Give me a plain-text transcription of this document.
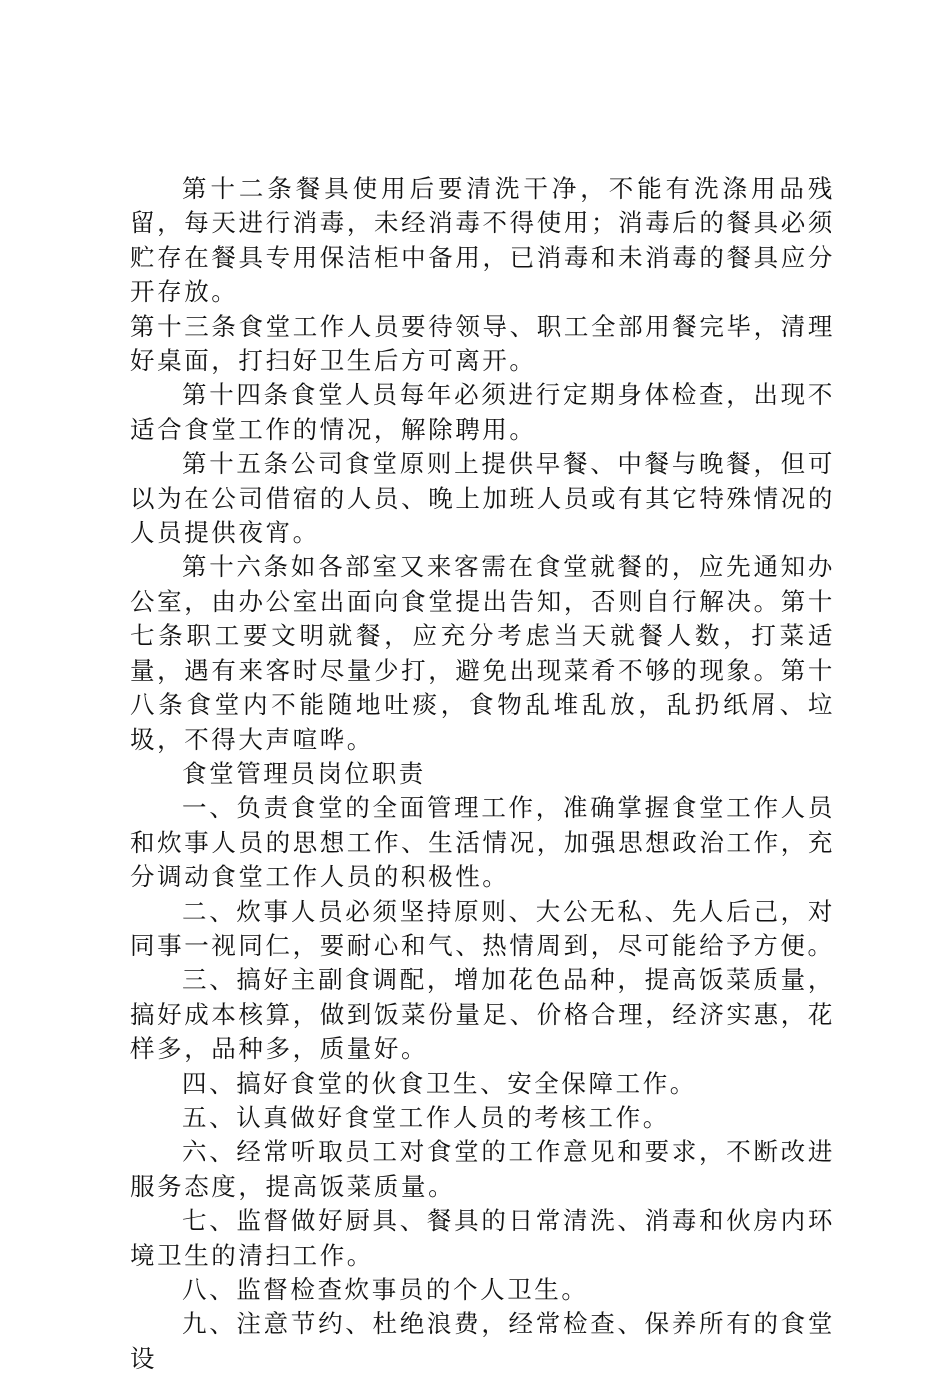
第十二条餐具使用后要清洗干净，不能有洗涤用品残留，每天进行消毒，未经消毒不得使用；消毒后的餐具必须贮存在餐具专用保洁柜中备用，已消毒和未消毒的餐具应分开存放。

第十三条食堂工作人员要待领导、职工全部用餐完毕，清理好桌面，打扫好卫生后方可离开。

第十四条食堂人员每年必须进行定期身体检查，出现不适合食堂工作的情况，解除聘用。

第十五条公司食堂原则上提供早餐、中餐与晚餐，但可以为在公司借宿的人员、晚上加班人员或有其它特殊情况的人员提供夜宵。

第十六条如各部室又来客需在食堂就餐的，应先通知办公室，由办公室出面向食堂提出告知，否则自行解决。第十七条职工要文明就餐，应充分考虑当天就餐人数，打菜适量，遇有来客时尽量少打，避免出现菜肴不够的现象。第十八条食堂内不能随地吐痰，食物乱堆乱放，乱扔纸屑、垃圾，不得大声喧哗。

食堂管理员岗位职责

一、负责食堂的全面管理工作，准确掌握食堂工作人员和炊事人员的思想工作、生活情况，加强思想政治工作，充分调动食堂工作人员的积极性。

二、炊事人员必须坚持原则、大公无私、先人后己，对同事一视同仁，要耐心和气、热情周到，尽可能给予方便。

三、搞好主副食调配，增加花色品种，提高饭菜质量，搞好成本核算，做到饭菜份量足、价格合理，经济实惠，花样多，品种多，质量好。

四、搞好食堂的伙食卫生、安全保障工作。

五、认真做好食堂工作人员的考核工作。

六、经常听取员工对食堂的工作意见和要求，不断改进服务态度，提高饭菜质量。

七、监督做好厨具、餐具的日常清洗、消毒和伙房内环境卫生的清扫工作。

八、监督检查炊事员的个人卫生。

九、注意节约、杜绝浪费，经常检查、保养所有的食堂设
